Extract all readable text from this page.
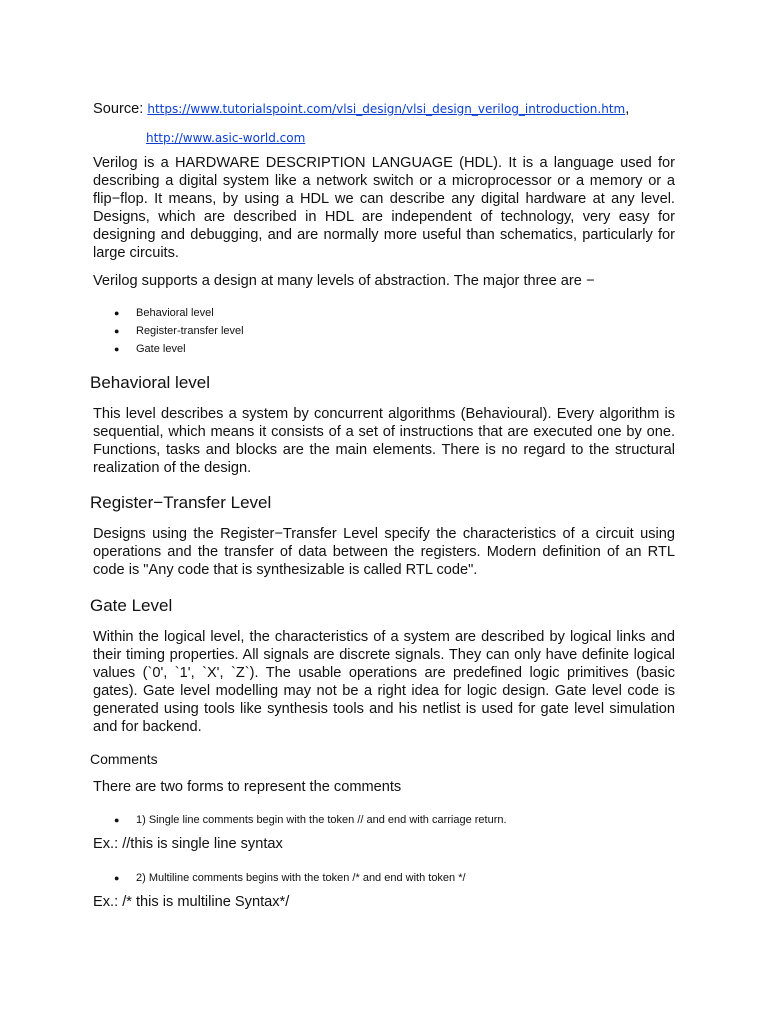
Source: https://www.tutorialspoint.com/vlsi_design/vlsi_design_verilog_introduction.htm,
http://www.asic-world.com

Verilog is a HARDWARE DESCRIPTION LANGUAGE (HDL). It is a language used for describing a digital system like a network switch or a microprocessor or a memory or a flip−flop. It means, by using a HDL we can describe any digital hardware at any level. Designs, which are described in HDL are independent of technology, very easy for designing and debugging, and are normally more useful than schematics, particularly for large circuits.

Verilog supports a design at many levels of abstraction. The major three are −

● Behavioral level
● Register-transfer level
● Gate level
Behavioral level

This level describes a system by concurrent algorithms (Behavioural). Every algorithm is sequential, which means it consists of a set of instructions that are executed one by one. Functions, tasks and blocks are the main elements. There is no regard to the structural realization of the design.

Register−Transfer Level

Designs using the Register−Transfer Level specify the characteristics of a circuit using operations and the transfer of data between the registers. Modern definition of an RTL code is "Any code that is synthesizable is called RTL code".

Gate Level

Within the logical level, the characteristics of a system are described by logical links and their timing properties. All signals are discrete signals. They can only have definite logical values (`0', `1', `X', `Z`). The usable operations are predefined logic primitives (basic gates). Gate level modelling may not be a right idea for logic design. Gate level code is generated using tools like synthesis tools and his netlist is used for gate level simulation and for backend.

Comments
There are two forms to represent the comments
● 1) Single line comments begin with the token // and end with carriage return.
Ex.: //this is single line syntax
● 2) Multiline comments begins with the token /* and end with token */
Ex.: /* this is multiline Syntax*/
